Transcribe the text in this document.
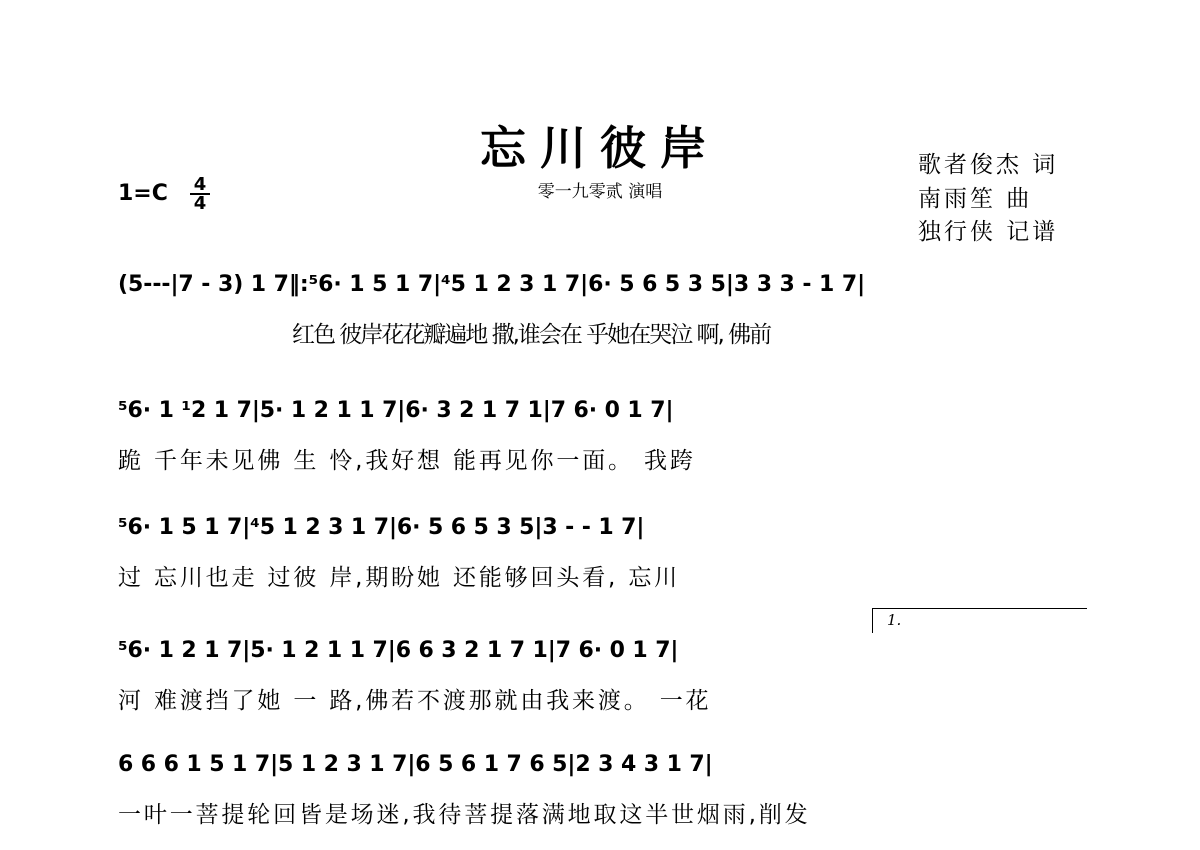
忘川彼岸
零一九零贰 演唱
歌者俊杰 词
南雨笙 曲
独行侠 记谱
$1=C \frac{4}{4}$
(5---|7 - 3) 1 7‖:⁵6· 1 5 1 7|⁴5 1 2 3 1 7|6· 5 6 5 3 5|3 3 3 - 1 7|
红色 彼岸花花瓣遍地 撒,谁会在 乎她在哭泣 啊, 佛前
⁵6· 1 ¹2 1 7|5· 1 2 1 1 7|6· 3 2 1 7 1|7 6· 0 1 7|
跪 千年未见佛 生 怜,我好想 能再见你一面。 我跨
⁵6· 1 5 1 7|⁴5 1 2 3 1 7|6· 5 6 5 3 5|3 - - 1 7|
过 忘川也走 过彼 岸,期盼她 还能够回头看, 忘川
⁵6· 1 2 1 7|5· 1 2 1 1 7|6 6 3 2 1 7 1|7 6· 0 1 7|
河 难渡挡了她 一 路,佛若不渡那就由我来渡。 一花
1.
6 6 6 1 5 1 7|5 1 2 3 1 7|6 5 6 1 7 6 5|2 3 4 3 1 7|
一叶一菩提轮回皆是场迷,我待菩提落满地取这半世烟雨,削发
